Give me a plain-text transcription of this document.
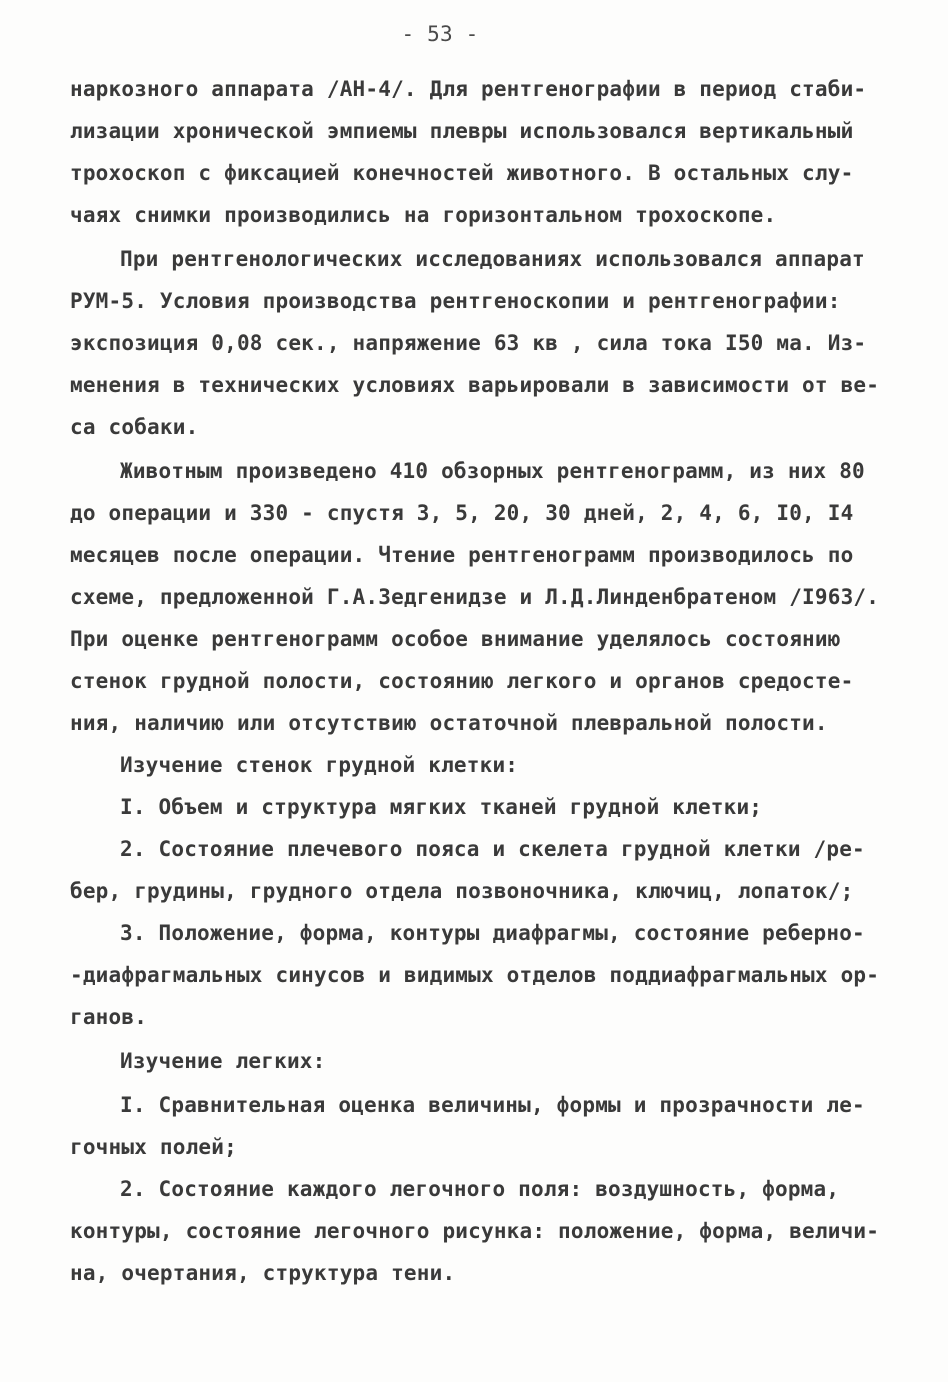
- 53 -
наркозного аппарата /АН-4/. Для рентгенографии в период стаби-
лизации хронической эмпиемы плевры использовался вертикальный
трохоскоп с фиксацией конечностей животного. В остальных слу-
чаях снимки производились на горизонтальном трохоскопе.
При рентгенологических исследованиях использовался аппарат
РУМ-5. Условия производства рентгеноскопии и рентгенографии:
экспозиция 0,08 сек., напряжение 63 кв , сила тока I50 ма. Из-
менения в технических условиях варьировали в зависимости от ве-
са собаки.
Животным произведено 410 обзорных рентгенограмм, из них 80
до операции и 330 - спустя 3, 5, 20, 30 дней, 2, 4, 6, I0, I4
месяцев после операции. Чтение рентгенограмм производилось по
схеме, предложенной Г.А.Зедгенидзе и Л.Д.Линденбратеном /I963/.
При оценке рентгенограмм особое внимание уделялось состоянию
стенок грудной полости, состоянию легкого и органов средосте-
ния, наличию или отсутствию остаточной плевральной полости.
Изучение стенок грудной клетки:
I. Объем и структура мягких тканей грудной клетки;
2. Состояние плечевого пояса и скелета грудной клетки /ре-
бер, грудины, грудного отдела позвоночника, ключиц, лопаток/;
3. Положение, форма, контуры диафрагмы, состояние реберно-
-диафрагмальных синусов и видимых отделов поддиафрагмальных ор-
ганов.
Изучение легких:
I. Сравнительная оценка величины, формы и прозрачности ле-
гочных полей;
2. Состояние каждого легочного поля: воздушность, форма,
контуры, состояние легочного рисунка: положение, форма, величи-
на, очертания, структура тени.
